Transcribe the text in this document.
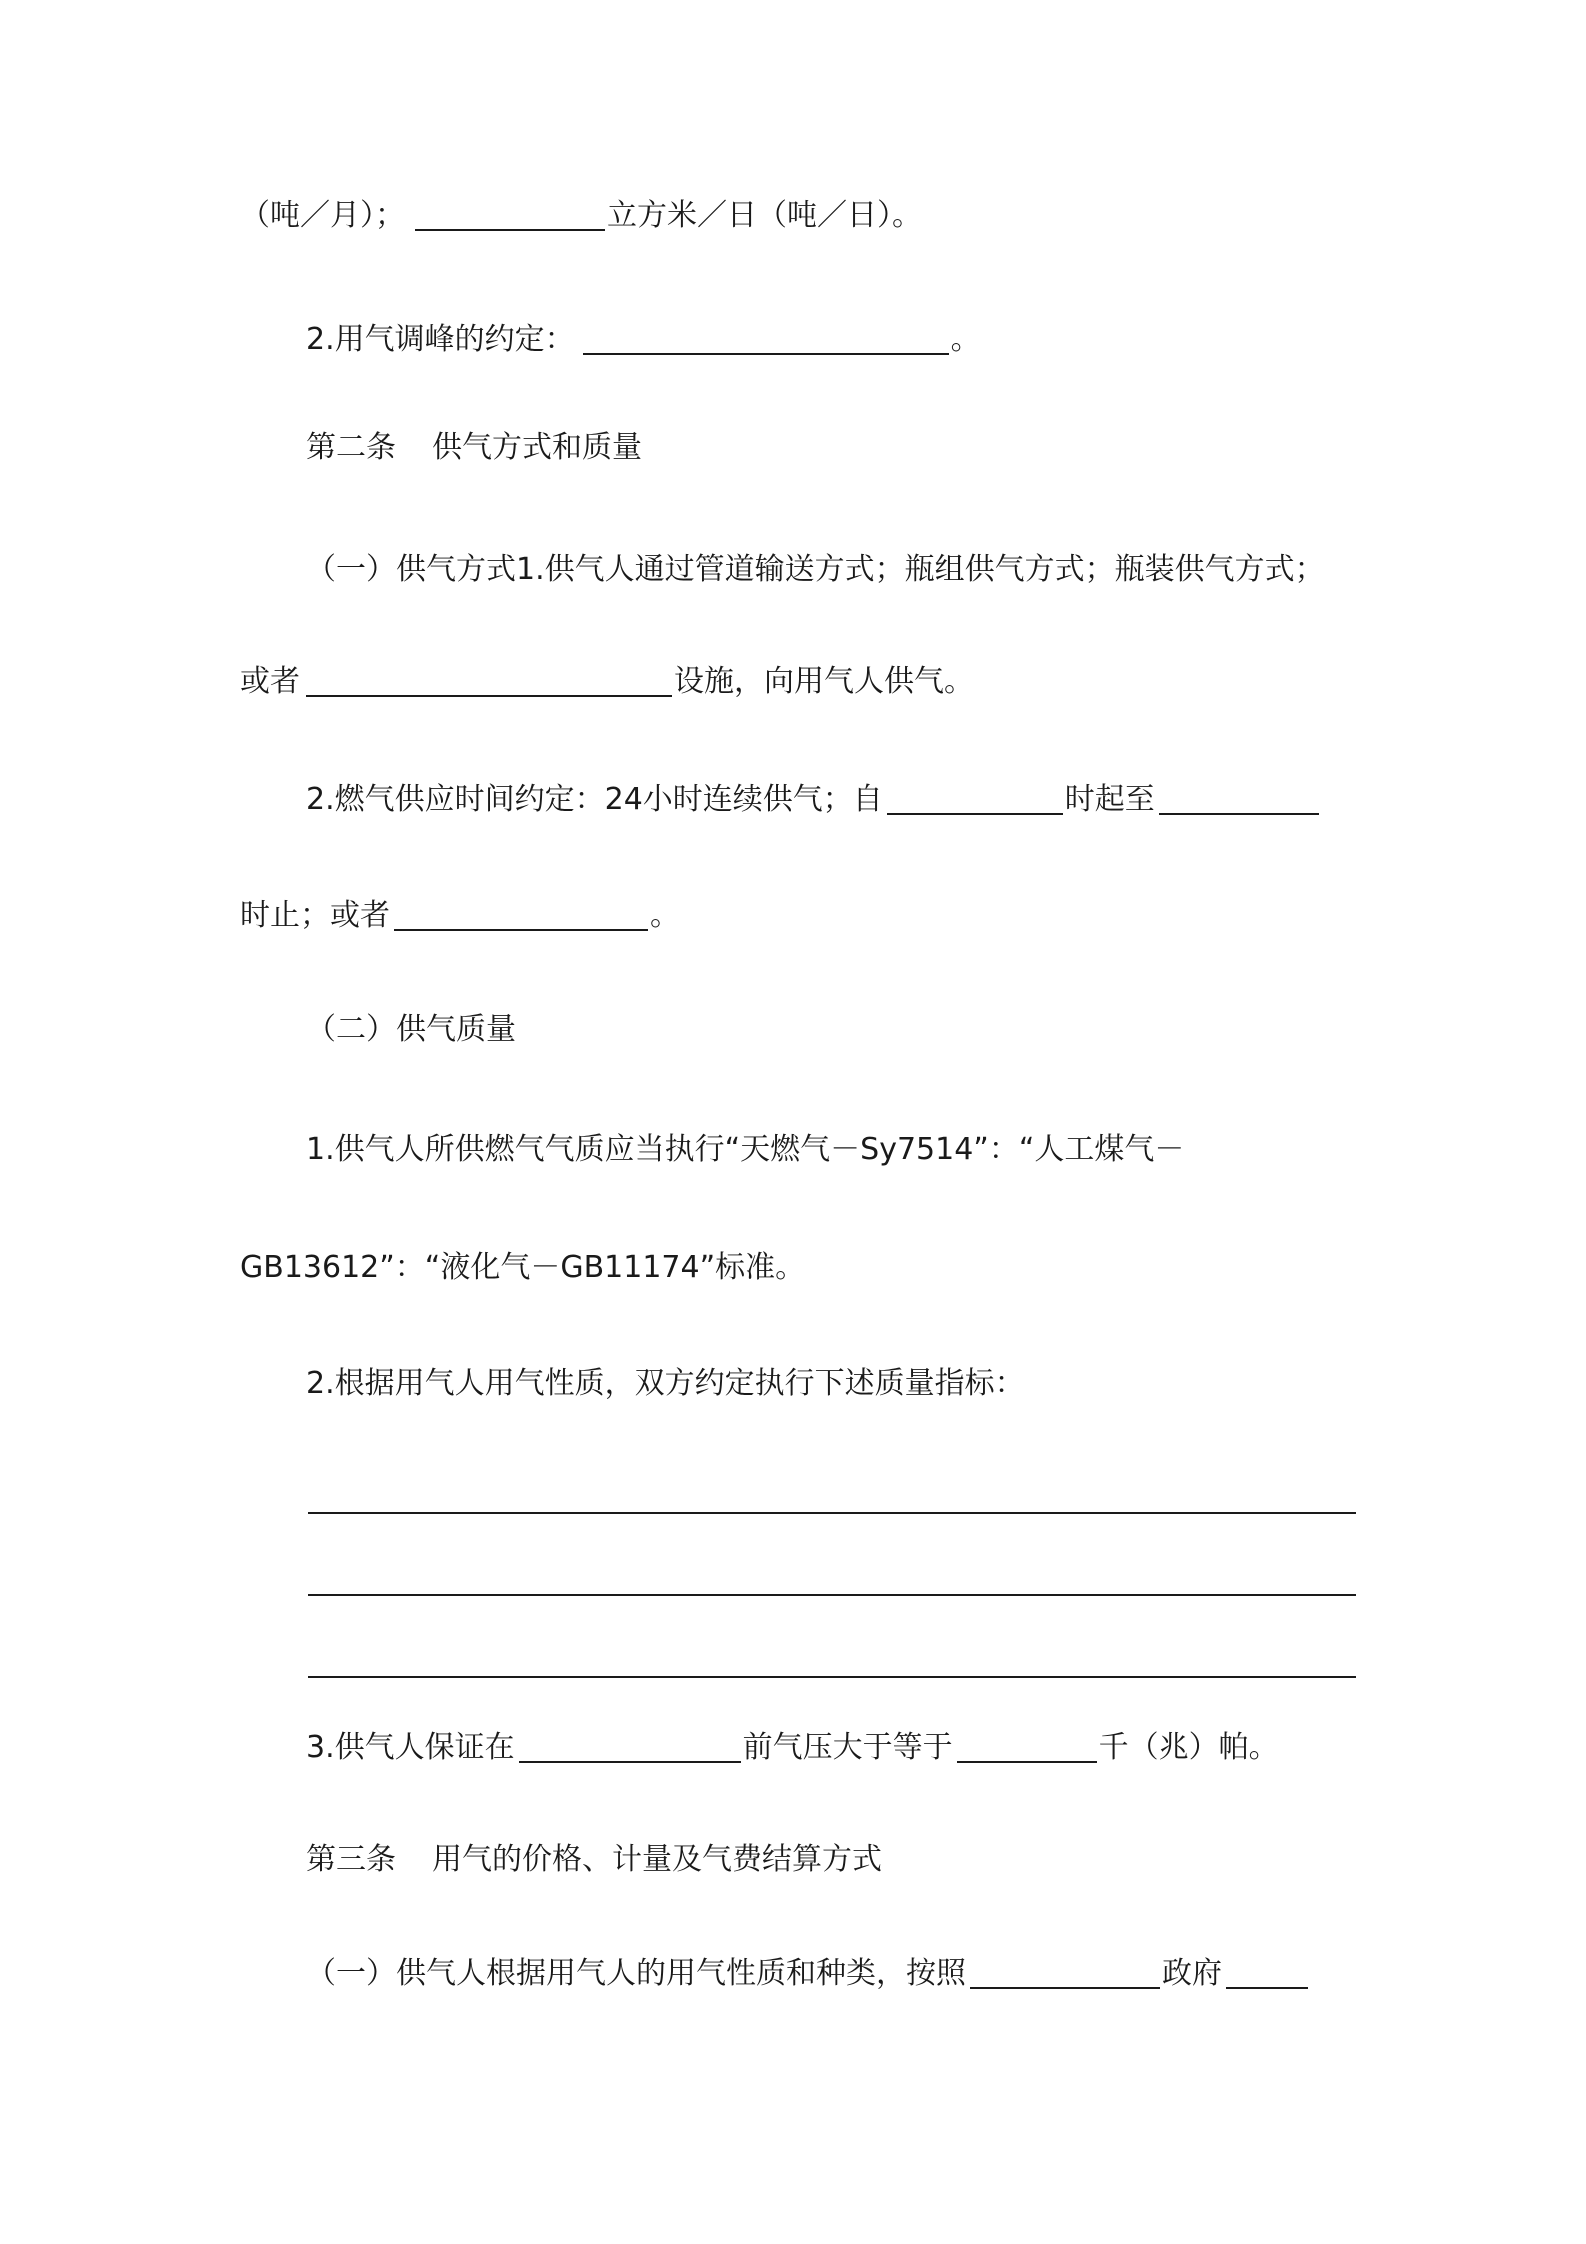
（吨／月）；	立方米／日（吨／日）。
2.用气调峰的约定：	。
第二条 供气方式和质量
（一）供气方式1.供气人通过管道输送方式；瓶组供气方式；瓶装供气方式；
或者	设施，向用气人供气。
2.燃气供应时间约定：24小时连续供气；自	时起至
时止；或者	。
（二）供气质量
1.供气人所供燃气气质应当执行“天燃气－Sy7514”：“人工煤气－
GB13612”：“液化气－GB11174”标准。
2.根据用气人用气性质，双方约定执行下述质量指标：
3.供气人保证在	前气压大于等于	千（兆）帕。
第三条 用气的价格、计量及气费结算方式
（一）供气人根据用气人的用气性质和种类，按照	政府
